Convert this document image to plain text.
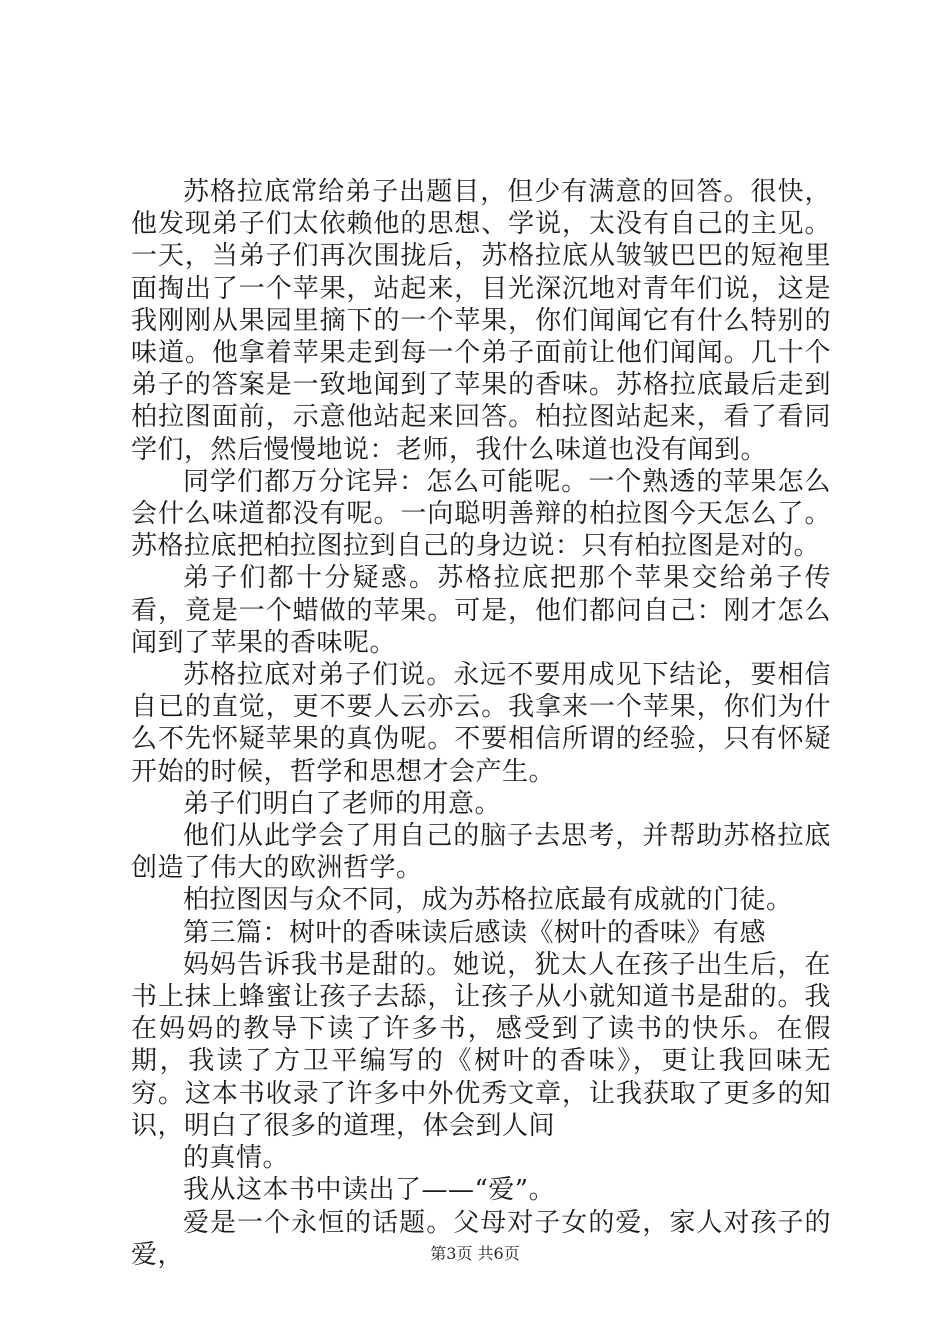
苏格拉底常给弟子出题目，但少有满意的回答。很快，他发现弟子们太依赖他的思想、学说，太没有自己的主见。一天，当弟子们再次围拢后，苏格拉底从皱皱巴巴的短袍里面掏出了一个苹果，站起来，目光深沉地对青年们说，这是我刚刚从果园里摘下的一个苹果，你们闻闻它有什么特别的味道。他拿着苹果走到每一个弟子面前让他们闻闻。几十个弟子的答案是一致地闻到了苹果的香味。苏格拉底最后走到柏拉图面前，示意他站起来回答。柏拉图站起来，看了看同学们，然后慢慢地说：老师，我什么味道也没有闻到。

同学们都万分诧异：怎么可能呢。一个熟透的苹果怎么会什么味道都没有呢。一向聪明善辩的柏拉图今天怎么了。苏格拉底把柏拉图拉到自己的身边说：只有柏拉图是对的。

弟子们都十分疑惑。苏格拉底把那个苹果交给弟子传看，竟是一个蜡做的苹果。可是，他们都问自己：刚才怎么闻到了苹果的香味呢。

苏格拉底对弟子们说。永远不要用成见下结论，要相信自已的直觉，更不要人云亦云。我拿来一个苹果，你们为什么不先怀疑苹果的真伪呢。不要相信所谓的经验，只有怀疑开始的时候，哲学和思想才会产生。

弟子们明白了老师的用意。

他们从此学会了用自己的脑子去思考，并帮助苏格拉底创造了伟大的欧洲哲学。

柏拉图因与众不同，成为苏格拉底最有成就的门徒。

第三篇：树叶的香味读后感读《树叶的香味》有感

妈妈告诉我书是甜的。她说，犹太人在孩子出生后，在书上抹上蜂蜜让孩子去舔，让孩子从小就知道书是甜的。我在妈妈的教导下读了许多书，感受到了读书的快乐。在假期，我读了方卫平编写的《树叶的香味》，更让我回味无穷。这本书收录了许多中外优秀文章，让我获取了更多的知识，明白了很多的道理，体会到人间

的真情。

我从这本书中读出了——“爱”。

爱是一个永恒的话题。父母对子女的爱，家人对孩子的爱，	第3页 共6页
